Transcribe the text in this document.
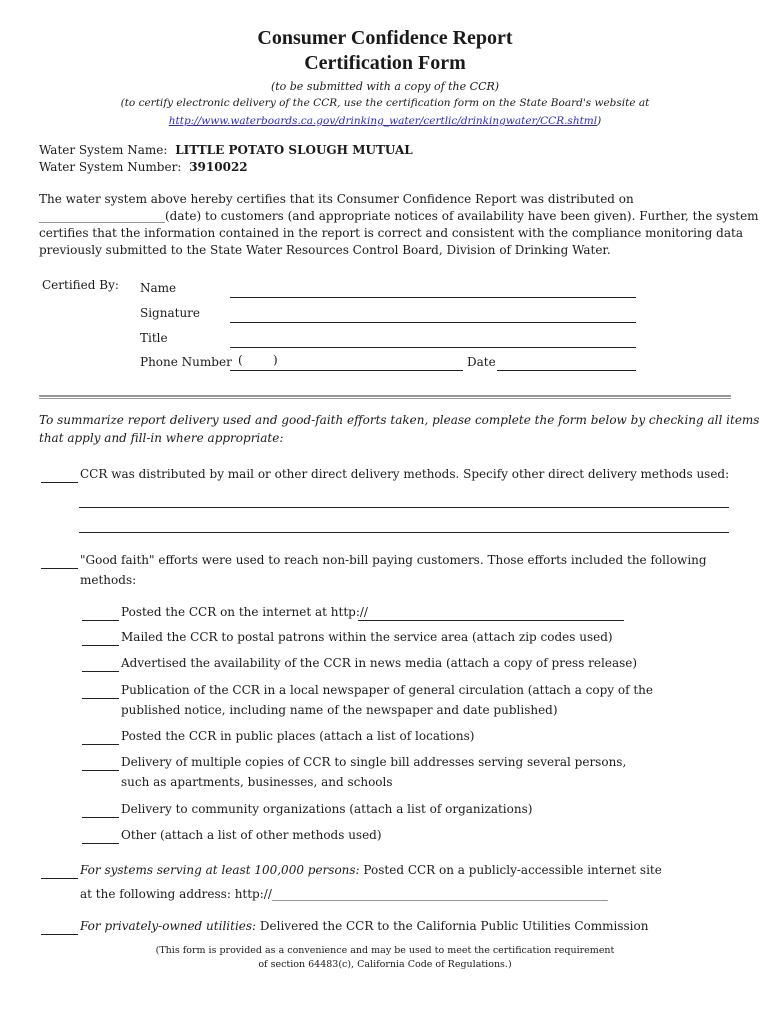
Consumer Confidence Report
Certification Form
(to be submitted with a copy of the CCR)
(to certify electronic delivery of the CCR, use the certification form on the State Board's website at
http://www.waterboards.ca.gov/drinking_water/certlic/drinkingwater/CCR.shtml)
Water System Name: LITTLE POTATO SLOUGH MUTUAL
Water System Number: 3910022
The water system above hereby certifies that its Consumer Confidence Report was distributed on
_____________________(date) to customers (and appropriate notices of availability have been given). Further, the system
certifies that the information contained in the report is correct and consistent with the compliance monitoring data
previously submitted to the State Water Resources Control Board, Division of Drinking Water.
Certified By: Name
Signature
Title
Phone Number (	)	Date
To summarize report delivery used and good-faith efforts taken, please complete the form below by checking all items
that apply and fill-in where appropriate:
CCR was distributed by mail or other direct delivery methods. Specify other direct delivery methods used:
"Good faith" efforts were used to reach non-bill paying customers. Those efforts included the following
methods:
Posted the CCR on the internet at http://
Mailed the CCR to postal patrons within the service area (attach zip codes used)
Advertised the availability of the CCR in news media (attach a copy of press release)
Publication of the CCR in a local newspaper of general circulation (attach a copy of the
published notice, including name of the newspaper and date published)
Posted the CCR in public places (attach a list of locations)
Delivery of multiple copies of CCR to single bill addresses serving several persons,
such as apartments, businesses, and schools
Delivery to community organizations (attach a list of organizations)
Other (attach a list of other methods used)
For systems serving at least 100,000 persons: Posted CCR on a publicly-accessible internet site
at the following address: http://________________________________________________________
For privately-owned utilities: Delivered the CCR to the California Public Utilities Commission
(This form is provided as a convenience and may be used to meet the certification requirement
of section 64483(c), California Code of Regulations.)
